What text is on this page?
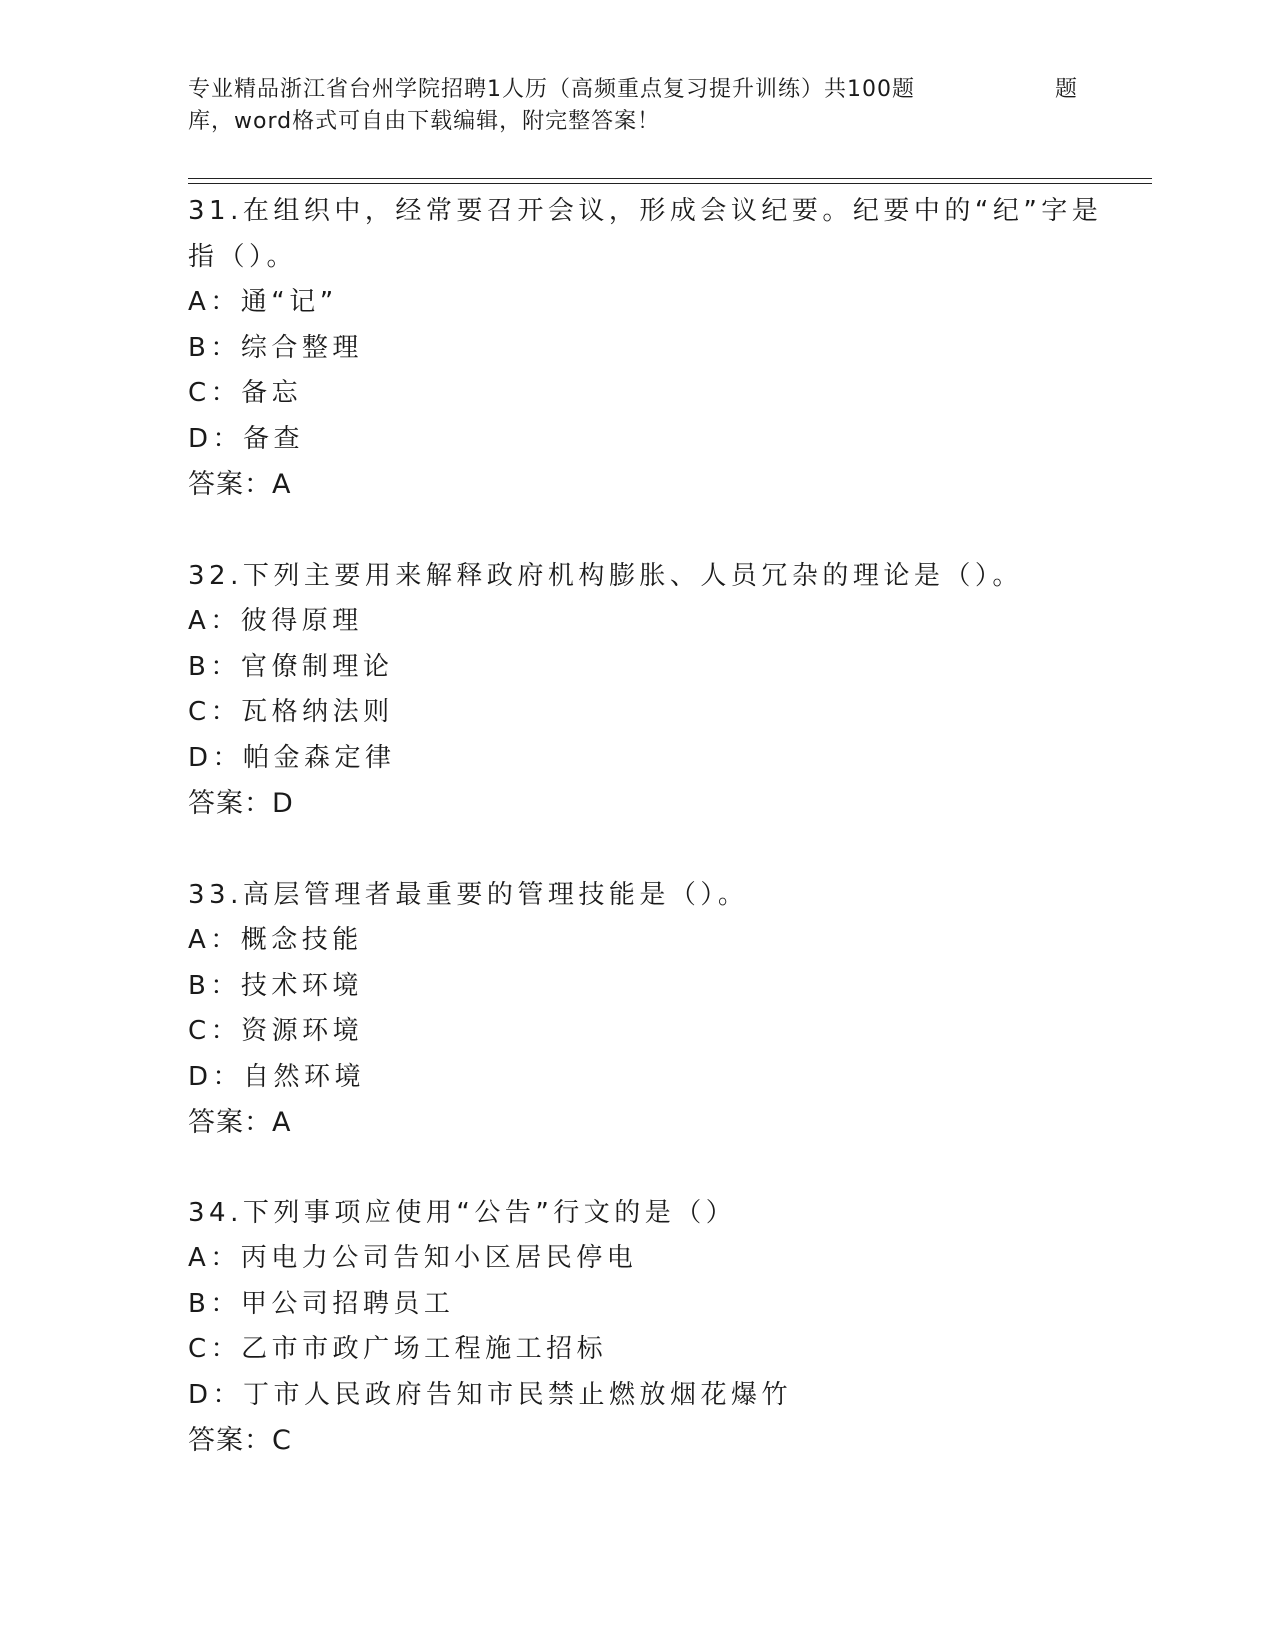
专业精品浙江省台州学院招聘1人历（高频重点复习提升训练）共100题
库，word格式可自由下载编辑，附完整答案！
题
31.在组织中，经常要召开会议，形成会议纪要。纪要中的“纪”字是指（）。
A：通“记”
B：综合整理
C：备忘
D：备查
答案：A
32.下列主要用来解释政府机构膨胀、人员冗杂的理论是（）。
A：彼得原理
B：官僚制理论
C：瓦格纳法则
D：帕金森定律
答案：D
33.高层管理者最重要的管理技能是（）。
A：概念技能
B：技术环境
C：资源环境
D：自然环境
答案：A
34.下列事项应使用“公告”行文的是（）
A：丙电力公司告知小区居民停电
B：甲公司招聘员工
C：乙市市政广场工程施工招标
D：丁市人民政府告知市民禁止燃放烟花爆竹
答案：C
